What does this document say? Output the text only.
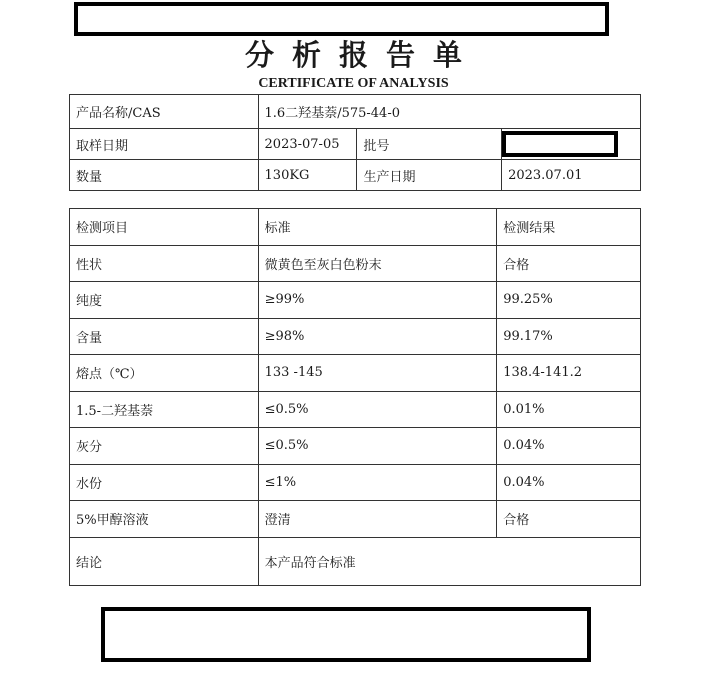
分析报告单
CERTIFICATE OF ANALYSIS
产品名称/CAS	1.6二羟基萘/575-44-0		
取样日期	2023-07-05	批号	
数量	130KG	生产日期	2023.07.01
检测项目	标准	检测结果
性状	微黄色至灰白色粉末	合格
纯度	≥99%	99.25%
含量	≥98%	99.17%
熔点（℃）	133 -145	138.4-141.2
1.5-二羟基萘	≤0.5%	0.01%
灰分	≤0.5%	0.04%
水份	≤1%	0.04%
5%甲醇溶液	澄清	合格
结论	本产品符合标准	
